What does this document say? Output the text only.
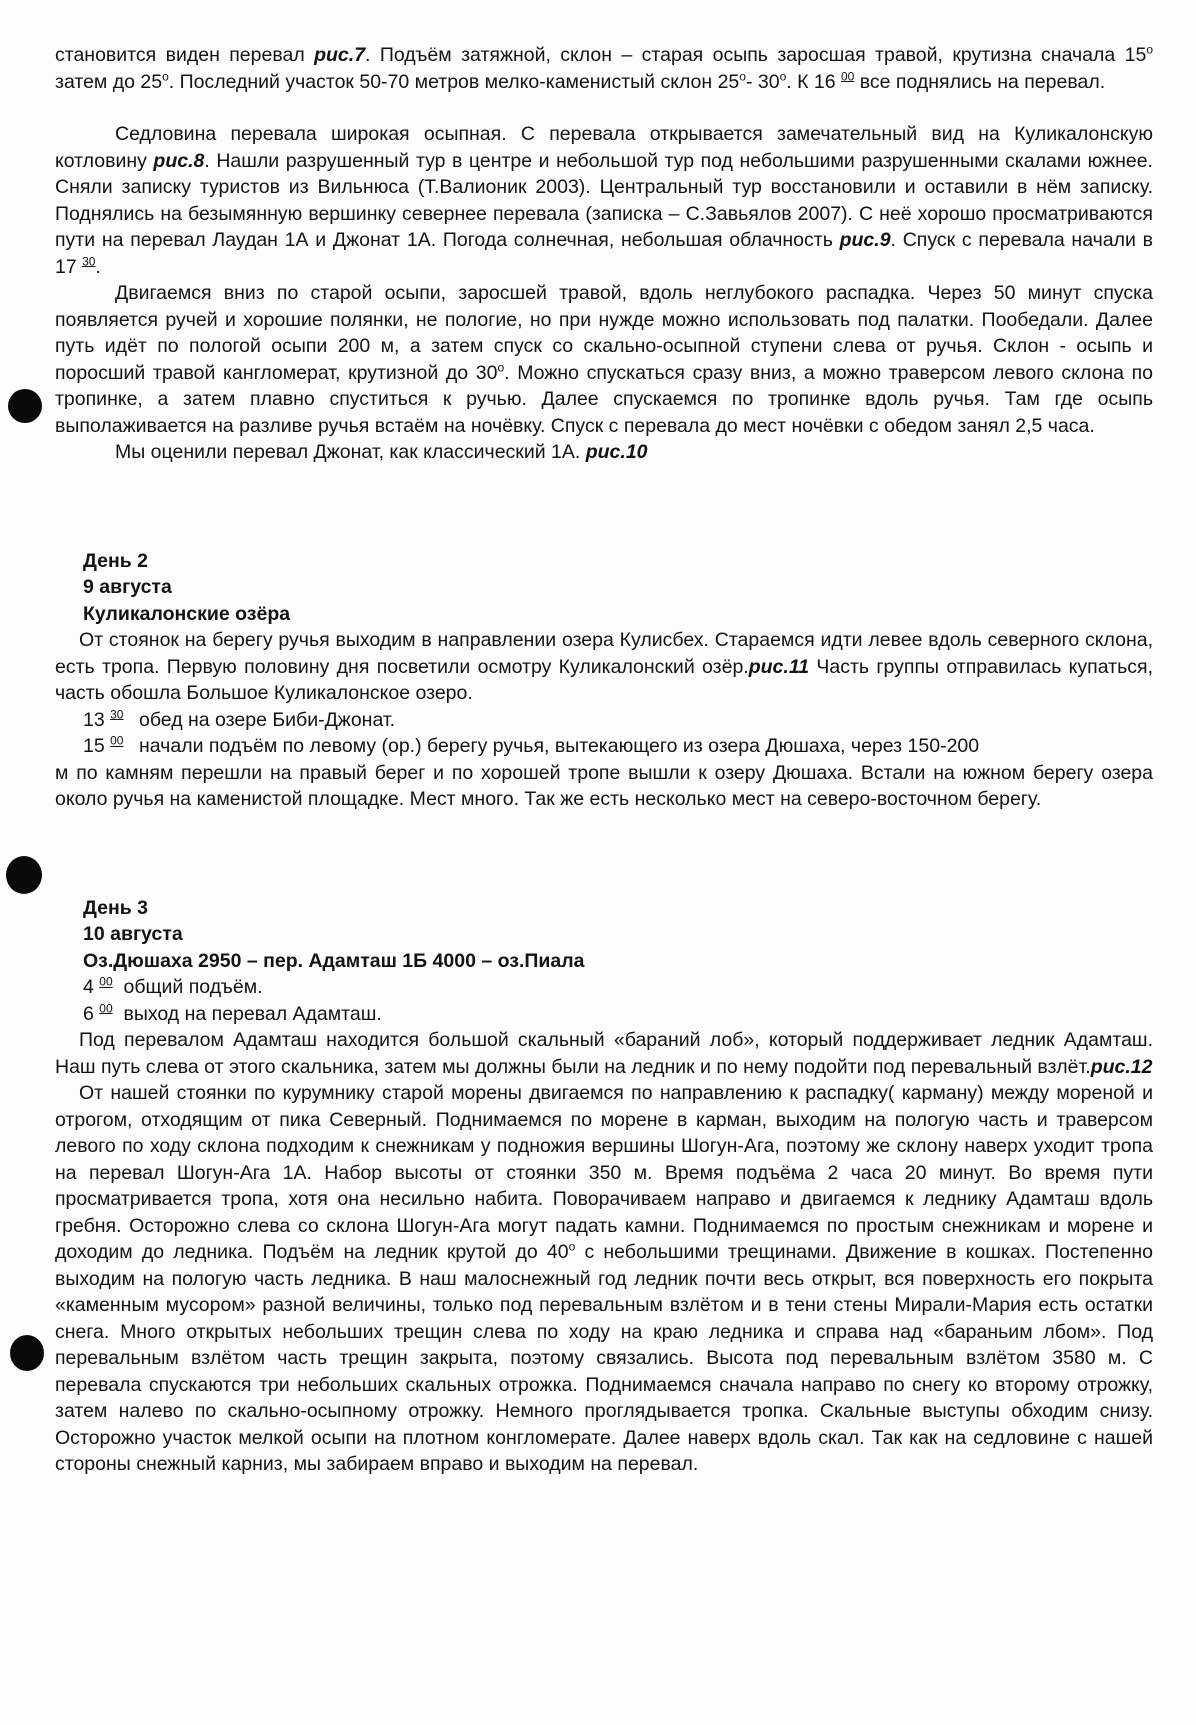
становится виден перевал рис.7. Подъём затяжной, склон – старая осыпь заросшая травой, крутизна сначала $15^о$ затем до $25^о$. Последний участок 50-70 метров мелко-каменистый склон $25^о-$ $30^о$. К 16 $^{00}$ все поднялись на перевал.

Седловина перевала широкая осыпная. С перевала открывается замечательный вид на Куликалонскую котловину рис.8. Нашли разрушенный тур в центре и небольшой тур под небольшими разрушенными скалами южнее. Сняли записку туристов из Вильнюса (Т.Валионик 2003). Центральный тур восстановили и оставили в нём записку. Поднялись на безымянную вершинку севернее перевала (записка – С.Завьялов 2007). С неё хорошо просматриваются пути на перевал Лаудан 1А и Джонат 1А. Погода солнечная, небольшая облачность рис.9. Спуск с перевала начали в 17 $^{30}$.

Двигаемся вниз по старой осыпи, заросшей травой, вдоль неглубокого распадка. Через 50 минут спуска появляется ручей и хорошие полянки, не пологие, но при нужде можно использовать под палатки. Пообедали. Далее путь идёт по пологой осыпи 200 м, а затем спуск со скально-осыпной ступени слева от ручья. Склон - осыпь и поросший травой кангломерат, крутизной до $30^о$. Можно спускаться сразу вниз, а можно траверсом левого склона по тропинке, а затем плавно спуститься к ручью. Далее спускаемся по тропинке вдоль ручья. Там где осыпь выполаживается на разливе ручья встаём на ночёвку. Спуск с перевала до мест ночёвки с обедом занял 2,5 часа.

Мы оценили перевал Джонат, как классический 1А. рис.10

День 2
9 августа
Куликалонские озёра

От стоянок на берегу ручья выходим в направлении озера Кулисбех. Стараемся идти левее вдоль северного склона, есть тропа. Первую половину дня посветили осмотру Куликалонский озёр.рис.11 Часть группы отправилась купаться, часть обошла Большое Куликалонское озеро.

13 $^{30}$ обед на озере Биби-Джонат.
15 $^{00}$ начали подъём по левому (ор.) берегу ручья, вытекающего из озера Дюшаха, через 150-200

м по камням перешли на правый берег и по хорошей тропе вышли к озеру Дюшаха. Встали на южном берегу озера около ручья на каменистой площадке. Мест много. Так же есть несколько мест на северо-восточном берегу.

День 3
10 августа
Оз.Дюшаха 2950 – пер. Адамташ 1Б 4000 – оз.Пиала
4 $^{00}$ общий подъём.
6 $^{00}$ выход на перевал Адамташ.

Под перевалом Адамташ находится большой скальный «бараний лоб», который поддерживает ледник Адамташ. Наш путь слева от этого скальника, затем мы должны были на ледник и по нему подойти под перевальный взлёт.рис.12

От нашей стоянки по курумнику старой морены двигаемся по направлению к распадку( карману) между мореной и отрогом, отходящим от пика Северный. Поднимаемся по морене в карман, выходим на пологую часть и траверсом левого по ходу склона подходим к снежникам у подножия вершины Шогун-Ага, поэтому же склону наверх уходит тропа на перевал Шогун-Ага 1А. Набор высоты от стоянки 350 м. Время подъёма 2 часа 20 минут. Во время пути просматривается тропа, хотя она несильно набита. Поворачиваем направо и двигаемся к леднику Адамташ вдоль гребня. Осторожно слева со склона Шогун-Ага могут падать камни. Поднимаемся по простым снежникам и морене и доходим до ледника. Подъём на ледник крутой до $40^о$ с небольшими трещинами. Движение в кошках. Постепенно выходим на пологую часть ледника. В наш малоснежный год ледник почти весь открыт, вся поверхность его покрыта «каменным мусором» разной величины, только под перевальным взлётом и в тени стены Мирали-Мария есть остатки снега. Много открытых небольших трещин слева по ходу на краю ледника и справа над «бараньим лбом». Под перевальным взлётом часть трещин закрыта, поэтому связались. Высота под перевальным взлётом 3580 м. С перевала спускаются три небольших скальных отрожка. Поднимаемся сначала направо по снегу ко второму отрожку, затем налево по скально-осыпному отрожку. Немного проглядывается тропка. Скальные выступы обходим снизу. Осторожно участок мелкой осыпи на плотном конгломерате. Далее наверх вдоль скал. Так как на седловине с нашей стороны снежный карниз, мы забираем вправо и выходим на перевал.
